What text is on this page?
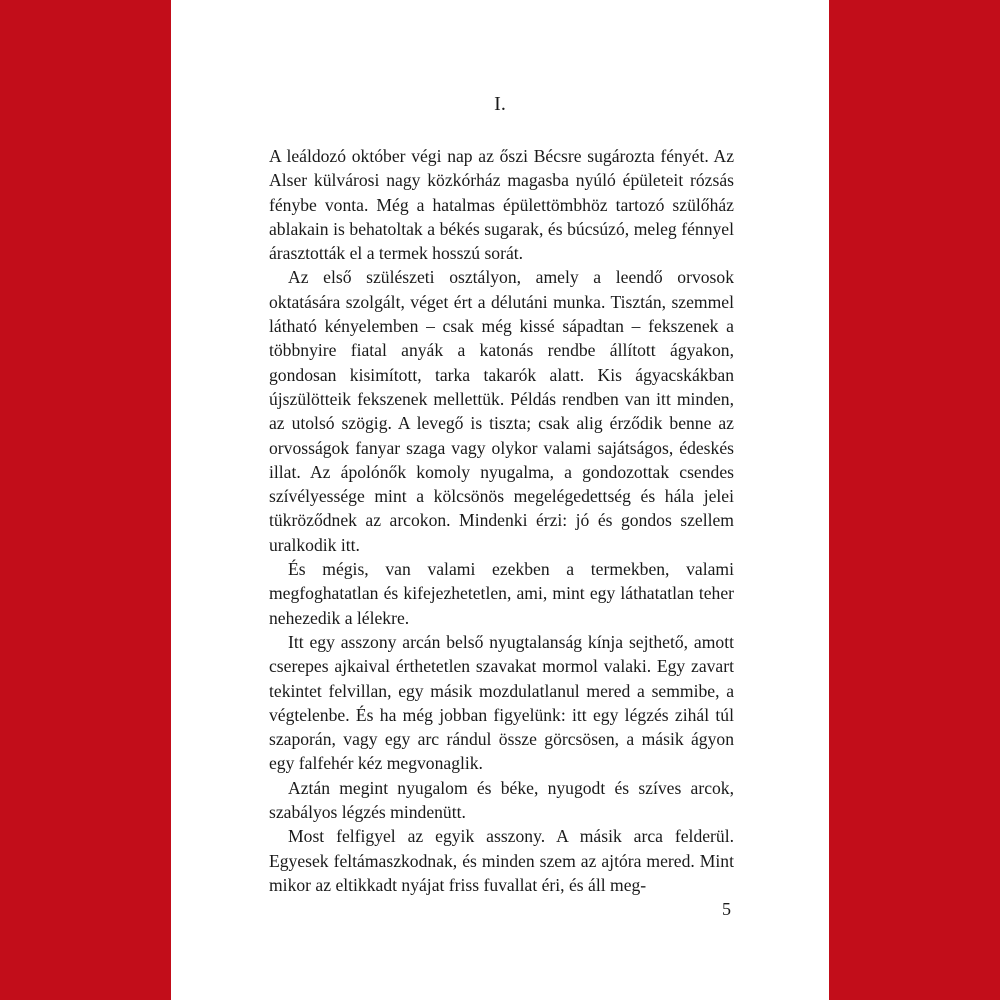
I.

A leáldozó október végi nap az őszi Bécsre sugározta fényét. Az Alser külvárosi nagy közkórház magasba nyúló épületeit rózsás fénybe vonta. Még a hatalmas épülettömbhöz tartozó szülőház ablakain is behatoltak a békés sugarak, és búcsúzó, meleg fénnyel árasztották el a termek hosszú sorát.

Az első szülészeti osztályon, amely a leendő orvosok oktatására szolgált, véget ért a délutáni munka. Tisztán, szemmel látható kényelemben – csak még kissé sápadtan – fekszenek a többnyire fiatal anyák a katonás rendbe állított ágyakon, gondosan kisimított, tarka takarók alatt. Kis ágyacskákban újszülötteik fekszenek mellettük. Példás rendben van itt minden, az utolsó szögig. A levegő is tiszta; csak alig érződik benne az orvosságok fanyar szaga vagy olykor valami sajátságos, édeskés illat. Az ápolónők komoly nyugalma, a gondozottak csendes szívélyessége mint a kölcsönös megelégedettség és hála jelei tükröződnek az arcokon. Mindenki érzi: jó és gondos szellem uralkodik itt.

És mégis, van valami ezekben a termekben, valami megfoghatatlan és kifejezhetetlen, ami, mint egy láthatatlan teher nehezedik a lélekre.

Itt egy asszony arcán belső nyugtalanság kínja sejthető, amott cserepes ajkaival érthetetlen szavakat mormol valaki. Egy zavart tekintet felvillan, egy másik mozdulatlanul mered a semmibe, a végtelenbe. És ha még jobban figyelünk: itt egy légzés zihál túl szaporán, vagy egy arc rándul össze görcsösen, a másik ágyon egy falfehér kéz megvonaglik.

Aztán megint nyugalom és béke, nyugodt és szíves arcok, szabályos légzés mindenütt.

Most felfigyel az egyik asszony. A másik arca felderül. Egyesek feltámaszkodnak, és minden szem az ajtóra mered. Mint mikor az eltikkadt nyájat friss fuvallat éri, és áll meg-

5
